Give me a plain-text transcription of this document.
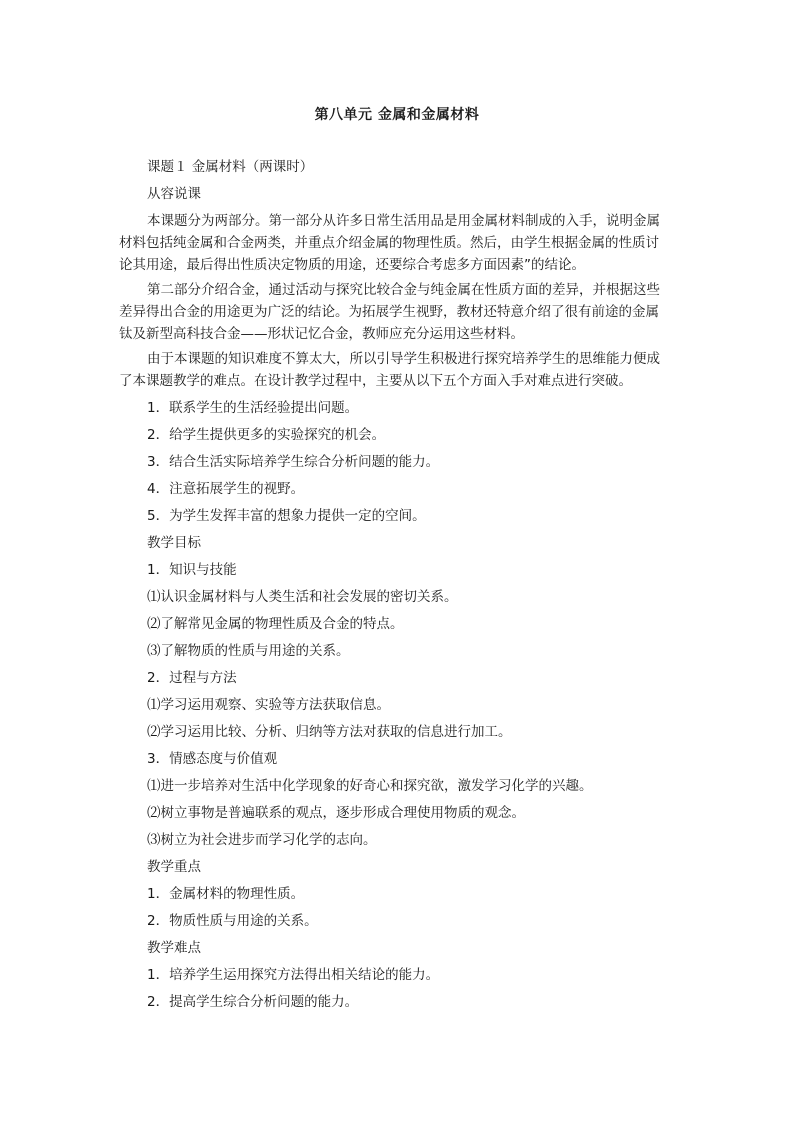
第八单元 金属和金属材料
课题１ 金属材料（两课时）
从容说课
本课题分为两部分。第一部分从许多日常生活用品是用金属材料制成的入手，说明金属材料包括纯金属和合金两类，并重点介绍金属的物理性质。然后，由学生根据金属的性质讨论其用途，最后得出性质决定物质的用途，还要综合考虑多方面因素”的结论。
第二部分介绍合金，通过活动与探究比较合金与纯金属在性质方面的差异，并根据这些差异得出合金的用途更为广泛的结论。为拓展学生视野，教材还特意介绍了很有前途的金属钛及新型高科技合金——形状记忆合金，教师应充分运用这些材料。
由于本课题的知识难度不算太大，所以引导学生积极进行探究培养学生的思维能力便成了本课题教学的难点。在设计教学过程中，主要从以下五个方面入手对难点进行突破。
1．联系学生的生活经验提出问题。
2．给学生提供更多的实验探究的机会。
3．结合生活实际培养学生综合分析问题的能力。
4．注意拓展学生的视野。
5．为学生发挥丰富的想象力提供一定的空间。
教学目标
1．知识与技能
⑴认识金属材料与人类生活和社会发展的密切关系。
⑵了解常见金属的物理性质及合金的特点。
⑶了解物质的性质与用途的关系。
2．过程与方法
⑴学习运用观察、实验等方法获取信息。
⑵学习运用比较、分析、归纳等方法对获取的信息进行加工。
3．情感态度与价值观
⑴进一步培养对生活中化学现象的好奇心和探究欲，激发学习化学的兴趣。
⑵树立事物是普遍联系的观点，逐步形成合理使用物质的观念。
⑶树立为社会进步而学习化学的志向。
教学重点
1．金属材料的物理性质。
2．物质性质与用途的关系。
教学难点
1．培养学生运用探究方法得出相关结论的能力。
2．提高学生综合分析问题的能力。
